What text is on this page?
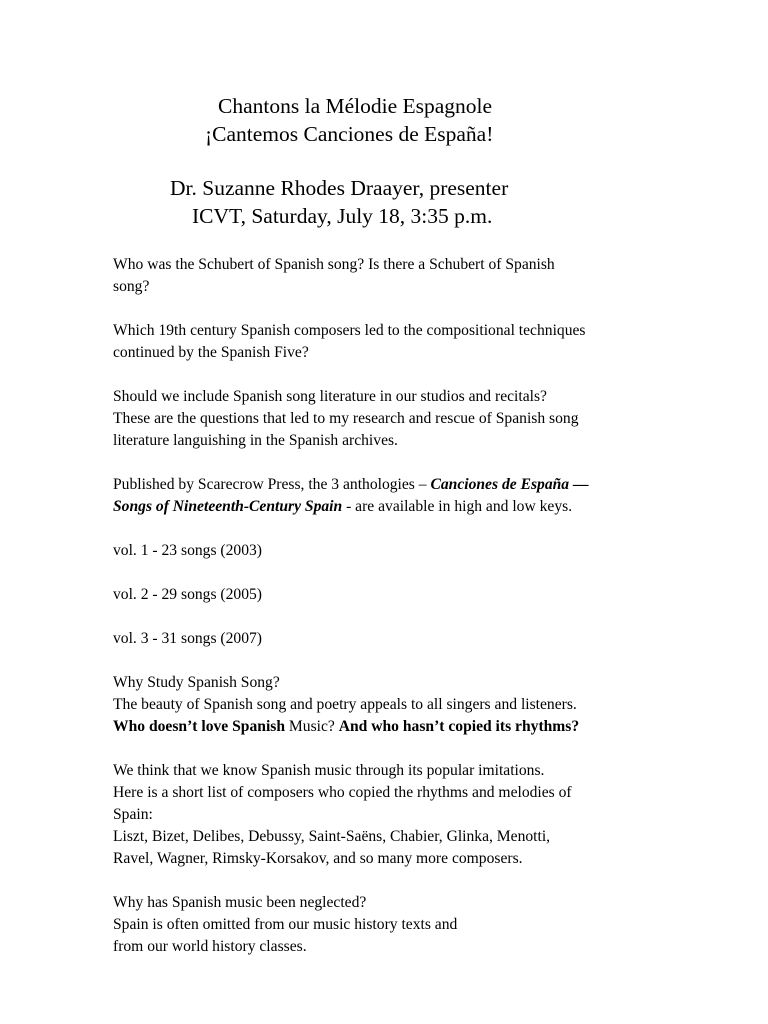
Chantons la Mélodie Espagnole
¡Cantemos Canciones de España!
Dr. Suzanne Rhodes Draayer, presenter
ICVT, Saturday, July 18, 3:35 p.m.

Who was the Schubert of Spanish song? Is there a Schubert of Spanish
song?

Which 19th century Spanish composers led to the compositional techniques
continued by the Spanish Five?

Should we include Spanish song literature in our studios and recitals?
These are the questions that led to my research and rescue of Spanish song
literature languishing in the Spanish archives.

Published by Scarecrow Press, the 3 anthologies – Canciones de España —
Songs of Nineteenth-Century Spain - are available in high and low keys.

vol. 1 - 23 songs (2003)

vol. 2 - 29 songs (2005)

vol. 3 - 31 songs (2007)

Why Study Spanish Song?
The beauty of Spanish song and poetry appeals to all singers and listeners.
Who doesn’t love Spanish Music? And who hasn’t copied its rhythms?

We think that we know Spanish music through its popular imitations.
Here is a short list of composers who copied the rhythms and melodies of
Spain:
Liszt, Bizet, Delibes, Debussy, Saint-Saëns, Chabier, Glinka, Menotti,
Ravel, Wagner, Rimsky-Korsakov, and so many more composers.

Why has Spanish music been neglected?
Spain is often omitted from our music history texts and
from our world history classes.
